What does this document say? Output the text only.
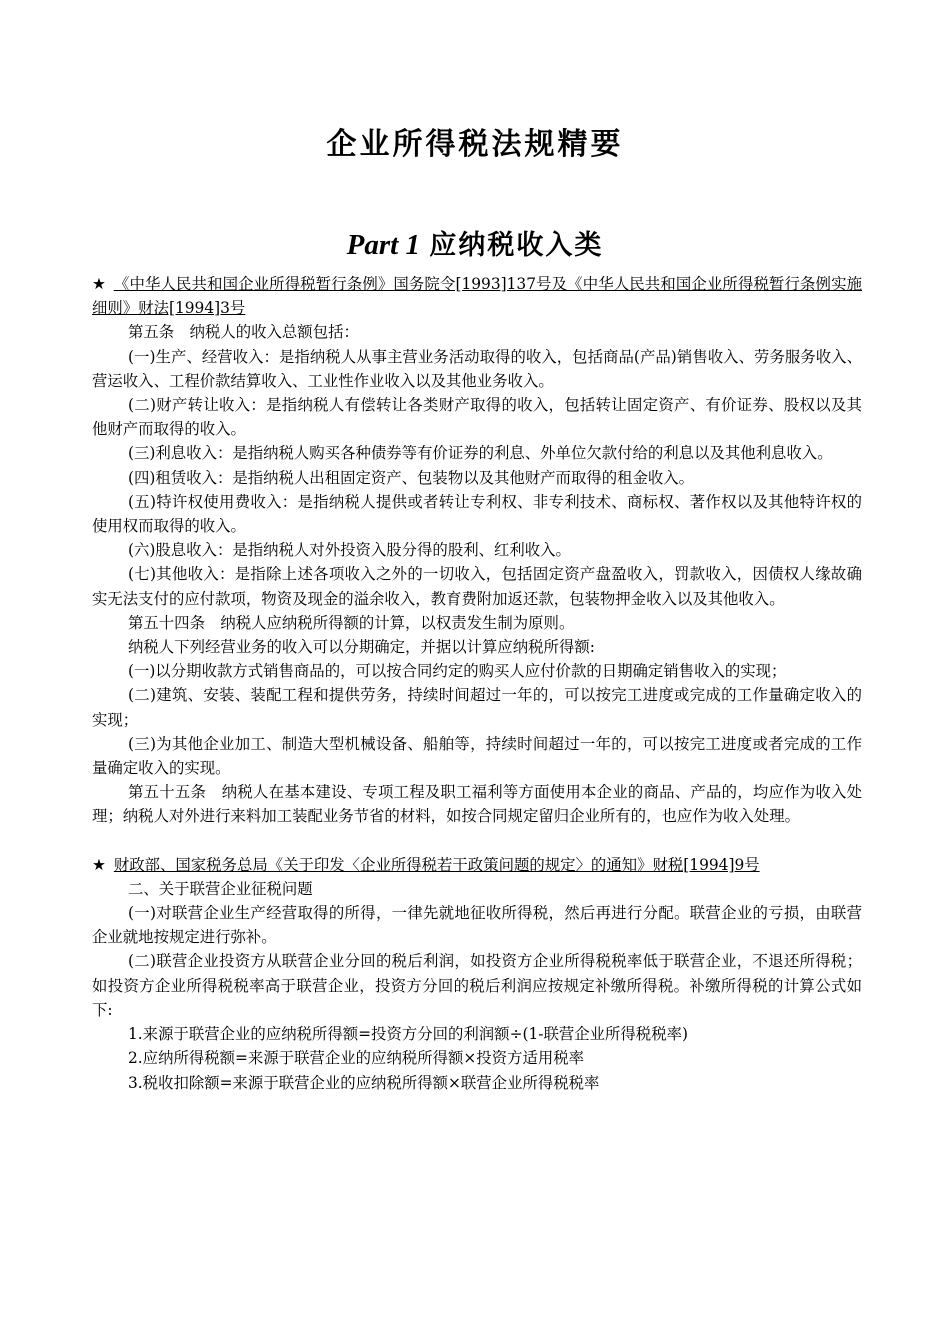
企业所得税法规精要
Part 1 应纳税收入类

★ 《中华人民共和国企业所得税暂行条例》国务院令[1993]137号及《中华人民共和国企业所得税暂行条例实施细则》财法[1994]3号

第五条　纳税人的收入总额包括：

(一)生产、经营收入：是指纳税人从事主营业务活动取得的收入，包括商品(产品)销售收入、劳务服务收入、营运收入、工程价款结算收入、工业性作业收入以及其他业务收入。

(二)财产转让收入：是指纳税人有偿转让各类财产取得的收入，包括转让固定资产、有价证券、股权以及其他财产而取得的收入。

(三)利息收入：是指纳税人购买各种债券等有价证券的利息、外单位欠款付给的利息以及其他利息收入。

(四)租赁收入：是指纳税人出租固定资产、包装物以及其他财产而取得的租金收入。

(五)特许权使用费收入：是指纳税人提供或者转让专利权、非专利技术、商标权、著作权以及其他特许权的使用权而取得的收入。

(六)股息收入：是指纳税人对外投资入股分得的股利、红利收入。

(七)其他收入：是指除上述各项收入之外的一切收入，包括固定资产盘盈收入，罚款收入，因债权人缘故确实无法支付的应付款项，物资及现金的溢余收入，教育费附加返还款，包装物押金收入以及其他收入。

第五十四条　纳税人应纳税所得额的计算，以权责发生制为原则。

纳税人下列经营业务的收入可以分期确定，并据以计算应纳税所得额:

(一)以分期收款方式销售商品的，可以按合同约定的购买人应付价款的日期确定销售收入的实现；

(二)建筑、安装、装配工程和提供劳务，持续时间超过一年的，可以按完工进度或完成的工作量确定收入的实现；

(三)为其他企业加工、制造大型机械设备、船舶等，持续时间超过一年的，可以按完工进度或者完成的工作量确定收入的实现。

第五十五条　纳税人在基本建设、专项工程及职工福利等方面使用本企业的商品、产品的，均应作为收入处理；纳税人对外进行来料加工装配业务节省的材料，如按合同规定留归企业所有的，也应作为收入处理。

★ 财政部、国家税务总局《关于印发〈企业所得税若干政策问题的规定〉的通知》财税[1994]9号

二、关于联营企业征税问题

(一)对联营企业生产经营取得的所得，一律先就地征收所得税，然后再进行分配。联营企业的亏损，由联营企业就地按规定进行弥补。

(二)联营企业投资方从联营企业分回的税后利润，如投资方企业所得税税率低于联营企业，不退还所得税；如投资方企业所得税税率高于联营企业，投资方分回的税后利润应按规定补缴所得税。补缴所得税的计算公式如下:

1.来源于联营企业的应纳税所得额=投资方分回的利润额÷(1-联营企业所得税税率)

2.应纳所得税额=来源于联营企业的应纳税所得额×投资方适用税率

3.税收扣除额=来源于联营企业的应纳税所得额×联营企业所得税税率
